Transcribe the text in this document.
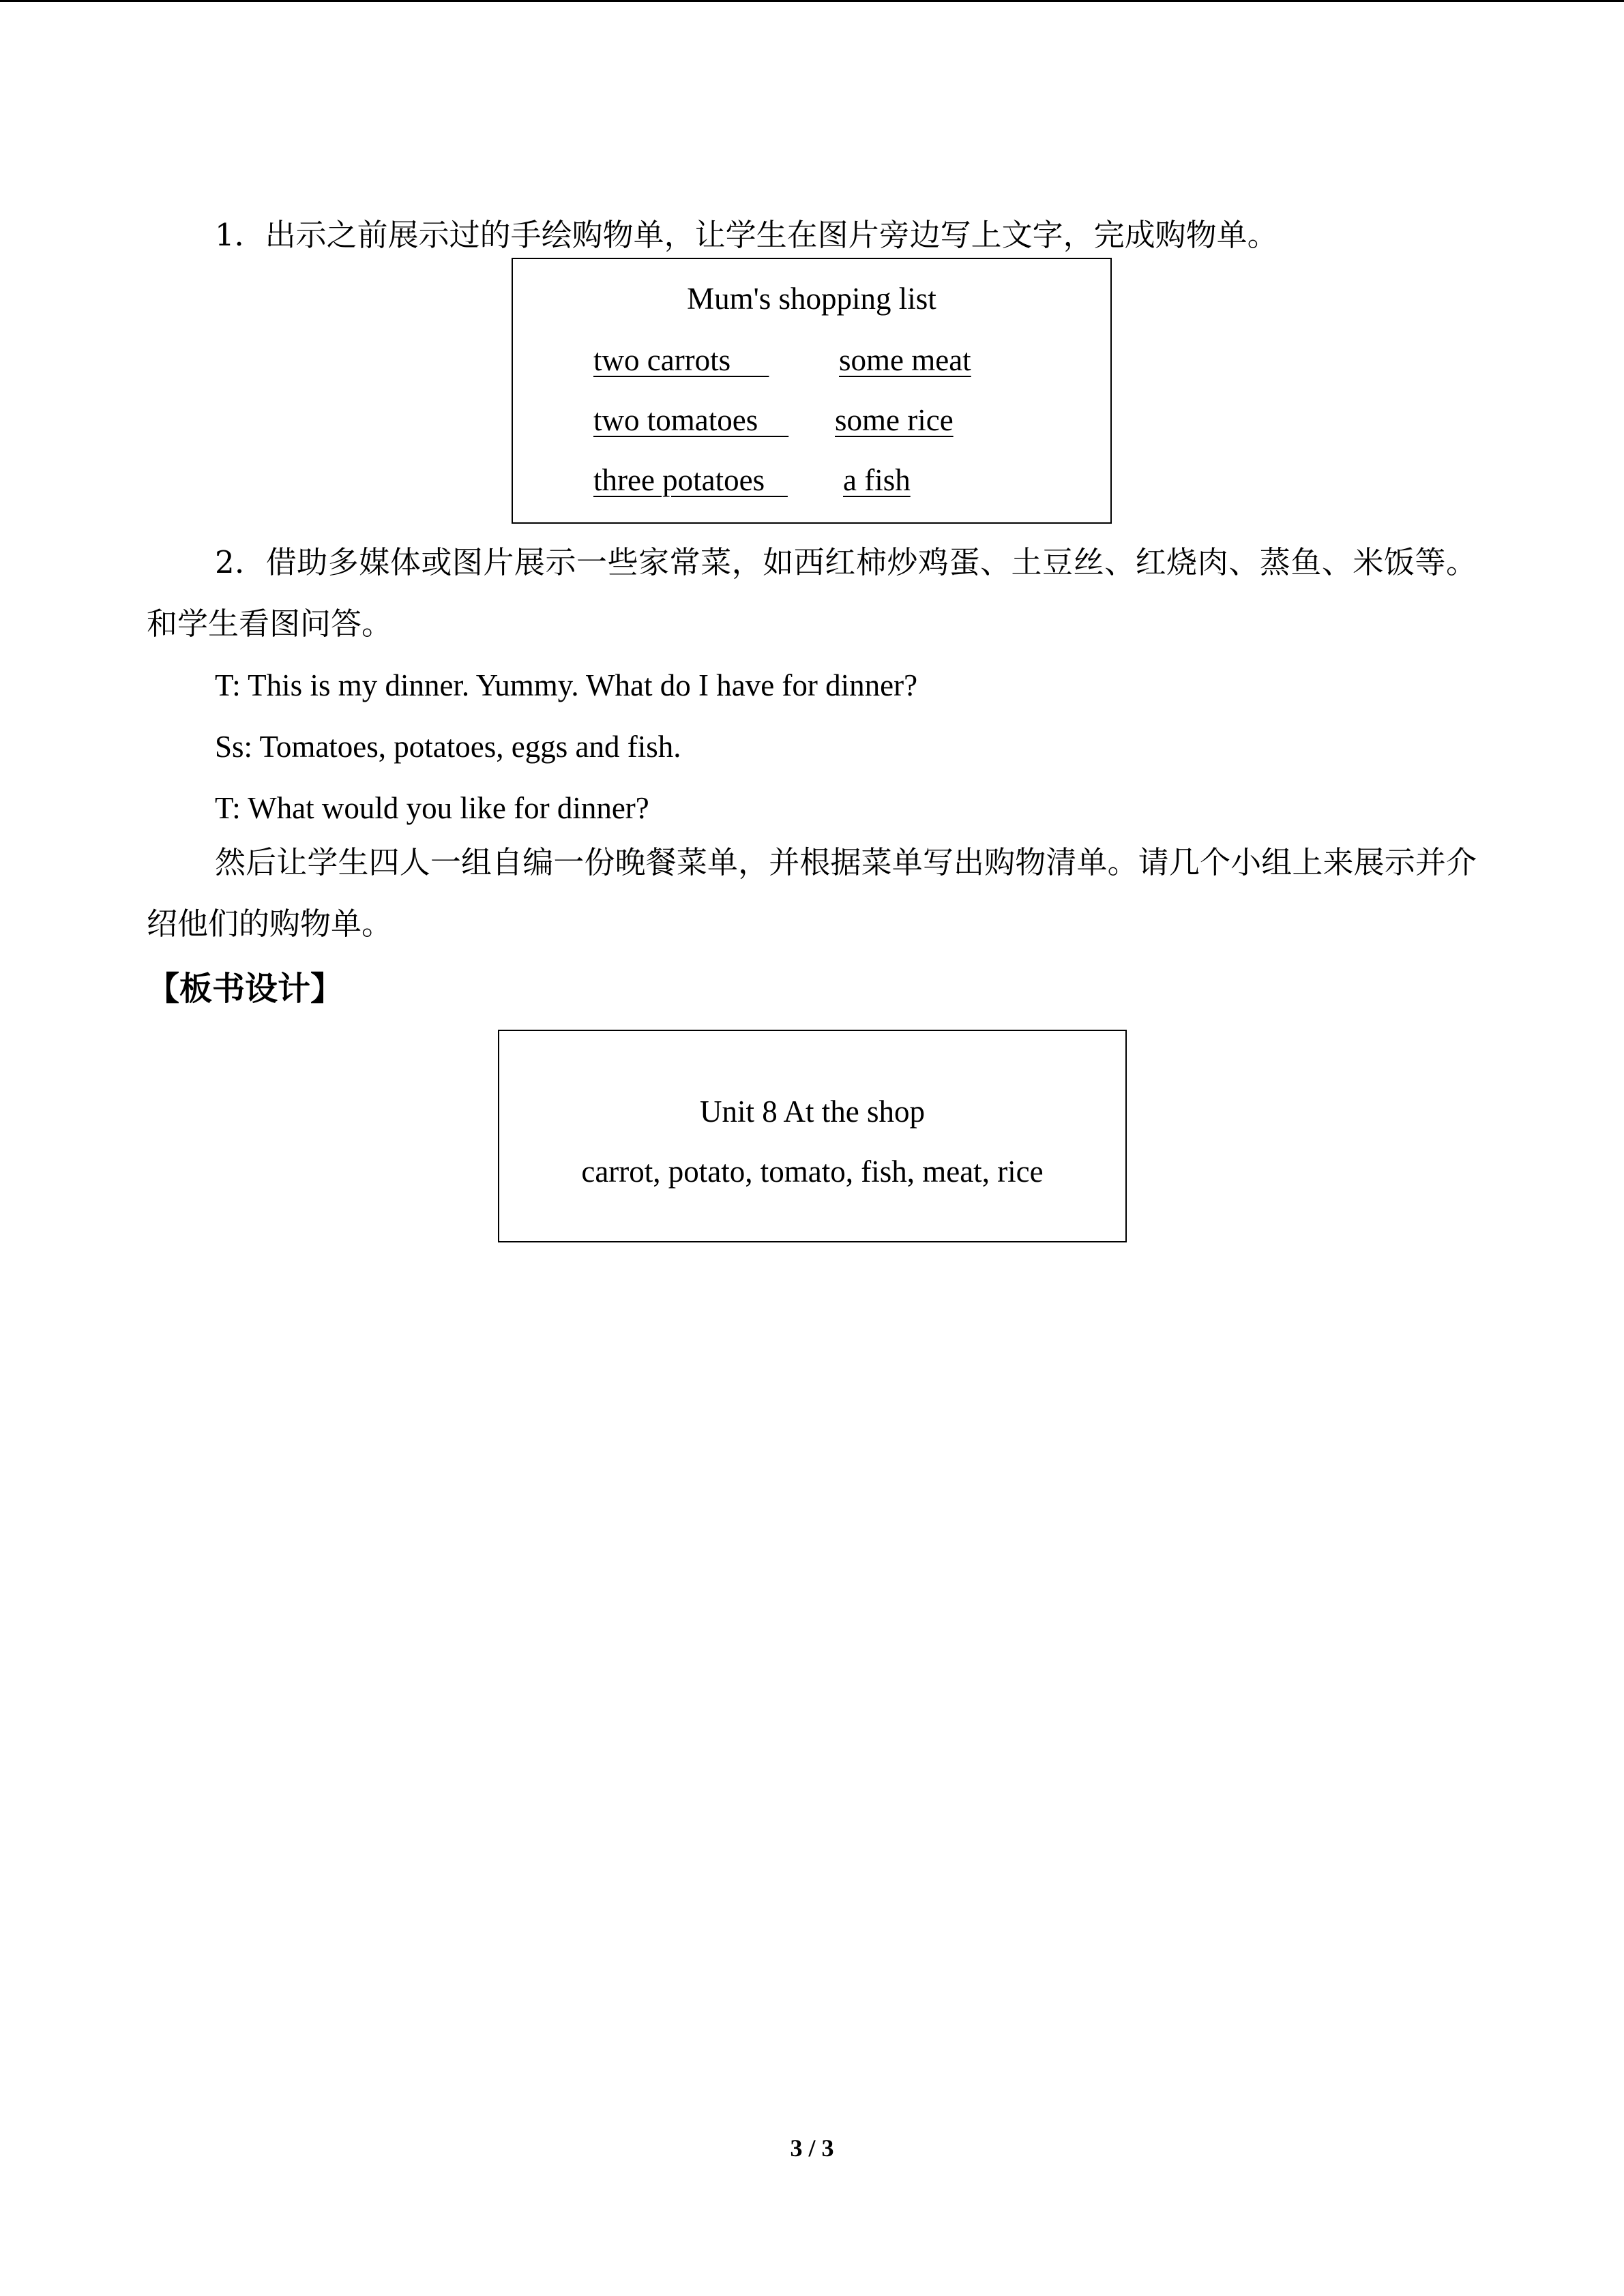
1．出示之前展示过的手绘购物单，让学生在图片旁边写上文字，完成购物单。
Mum's shopping list
two carrots some meat
two tomatoes some rice
three potatoes a fish
2．借助多媒体或图片展示一些家常菜，如西红柿炒鸡蛋、土豆丝、红烧肉、蒸鱼、米饭等。和学生看图问答。
T: This is my dinner. Yummy. What do I have for dinner?
Ss: Tomatoes, potatoes, eggs and fish.
T: What would you like for dinner?
然后让学生四人一组自编一份晚餐菜单，并根据菜单写出购物清单。请几个小组上来展示并介绍他们的购物单。
【板书设计】
Unit 8 At the shop
carrot, potato, tomato, fish, meat, rice
3 / 3
